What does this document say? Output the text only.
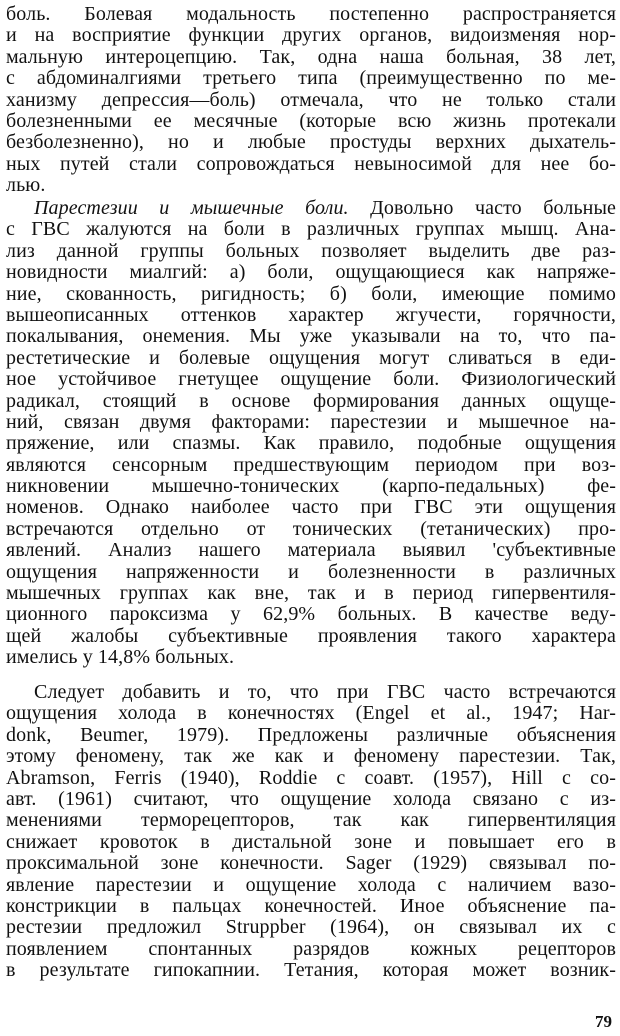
боль. Болевая модальность постепенно распространяется
и на восприятие функции других органов, видоизменяя нор-
мальную интероцепцию. Так, одна наша больная, 38 лет,
с абдоминалгиями третьего типа (преимущественно по ме-
ханизму депрессия—боль) отмечала, что не только стали
болезненными ее месячные (которые всю жизнь протекали
безболезненно), но и любые простуды верхних дыхатель-
ных путей стали сопровождаться невыносимой для нее бо-
лью.
Парестезии и мышечные боли. Довольно часто больные
с ГВС жалуются на боли в различных группах мышц. Ана-
лиз данной группы больных позволяет выделить две раз-
новидности миалгий: а) боли, ощущающиеся как напряже-
ние, скованность, ригидность; б) боли, имеющие помимо
вышеописанных оттенков характер жгучести, горячности,
покалывания, онемения. Мы уже указывали на то, что па-
рестетические и болевые ощущения могут сливаться в еди-
ное устойчивое гнетущее ощущение боли. Физиологический
радикал, стоящий в основе формирования данных ощуще-
ний, связан двумя факторами: парестезии и мышечное на-
пряжение, или спазмы. Как правило, подобные ощущения
являются сенсорным предшествующим периодом при воз-
никновении мышечно-тонических (карпо-педальных) фе-
номенов. Однако наиболее часто при ГВС эти ощущения
встречаются отдельно от тонических (тетанических) про-
явлений. Анализ нашего материала выявил 'субъективные
ощущения напряженности и болезненности в различных
мышечных группах как вне, так и в период гипервентиля-
ционного пароксизма у 62,9% больных. В качестве веду-
щей жалобы субъективные проявления такого характера
имелись у 14,8% больных.
Следует добавить и то, что при ГВС часто встречаются
ощущения холода в конечностях (Engel et al., 1947; Har-
donk, Beumer, 1979). Предложены различные объяснения
этому феномену, так же как и феномену парестезии. Так,
Abramson, Ferris (1940), Roddie с соавт. (1957), Hill с со-
авт. (1961) считают, что ощущение холода связано с из-
менениями терморецепторов, так как гипервентиляция
снижает кровоток в дистальной зоне и повышает его в
проксимальной зоне конечности. Sager (1929) связывал по-
явление парестезии и ощущение холода с наличием вазо-
констрикции в пальцах конечностей. Иное объяснение па-
рестезии предложил Struppber (1964), он связывал их с
появлением спонтанных разрядов кожных рецепторов
в результате гипокапнии. Тетания, которая может возник-
79
